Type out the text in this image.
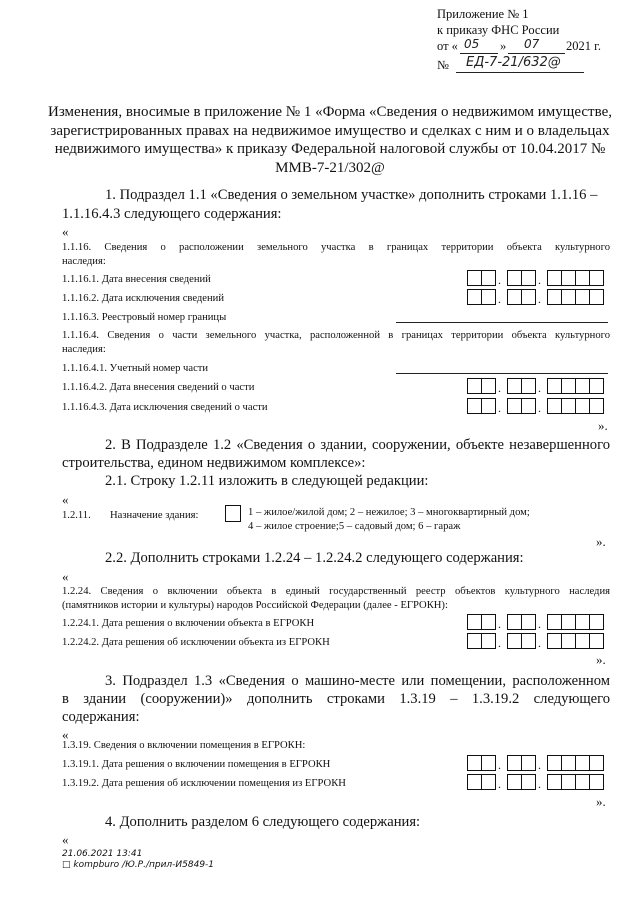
Приложение № 1
к приказу ФНС России
от « 05 » 07 2021 г.
№ ЕД-7-21/632@
Изменения, вносимые в приложение № 1 «Форма «Сведения о недвижимом имуществе, зарегистрированных правах на недвижимое имущество и сделках с ним и о владельцах недвижимого имущества» к приказу Федеральной налоговой службы от 10.04.2017 № ММВ-7-21/302@
1. Подраздел 1.1 «Сведения о земельном участке» дополнить строками 1.1.16 –
1.1.16.4.3 следующего содержания:
«
1.1.16. Сведения о расположении земельного участка в границах территории объекта культурного
наследия:
1.1.16.1. Дата внесения сведений	.	.
1.1.16.2. Дата исключения сведений	.	.
1.1.16.3. Реестровый номер границы
1.1.16.4. Сведения о части земельного участка, расположенной в границах территории объекта культурного
наследия:
1.1.16.4.1. Учетный номер части
1.1.16.4.2. Дата внесения сведений о части	.	.
1.1.16.4.3. Дата исключения сведений о части	.	.
».
2. В Подразделе 1.2 «Сведения о здании, сооружении, объекте незавершенного
строительства, едином недвижимом комплексе»:
2.1. Строку 1.2.11 изложить в следующей редакции:
«
1.2.11. Назначение здания:	1 – жилое/жилой дом; 2 – нежилое; 3 – многоквартирный дом;
4 – жилое строение;5 – садовый дом; 6 – гараж
».
2.2. Дополнить строками 1.2.24 – 1.2.24.2 следующего содержания:
«
1.2.24. Сведения о включении объекта в единый государственный реестр объектов культурного наследия
(памятников истории и культуры) народов Российской Федерации (далее - ЕГРОКН):
1.2.24.1. Дата решения о включении объекта в ЕГРОКН	.	.
1.2.24.2. Дата решения об исключении объекта из ЕГРОКН	.	.
».
3. Подраздел 1.3 «Сведения о машино-месте или помещении, расположенном
в здании (сооружении)» дополнить строками 1.3.19 – 1.3.19.2 следующего
содержания:
«
1.3.19. Сведения о включении помещения в ЕГРОКН:
1.3.19.1. Дата решения о включении помещения в ЕГРОКН	.	.
1.3.19.2. Дата решения об исключении помещения из ЕГРОКН	.	.
».
4. Дополнить разделом 6 следующего содержания:
«
21.06.2021 13:41
□ kompburo /Ю.Р./прил-И5849-1
